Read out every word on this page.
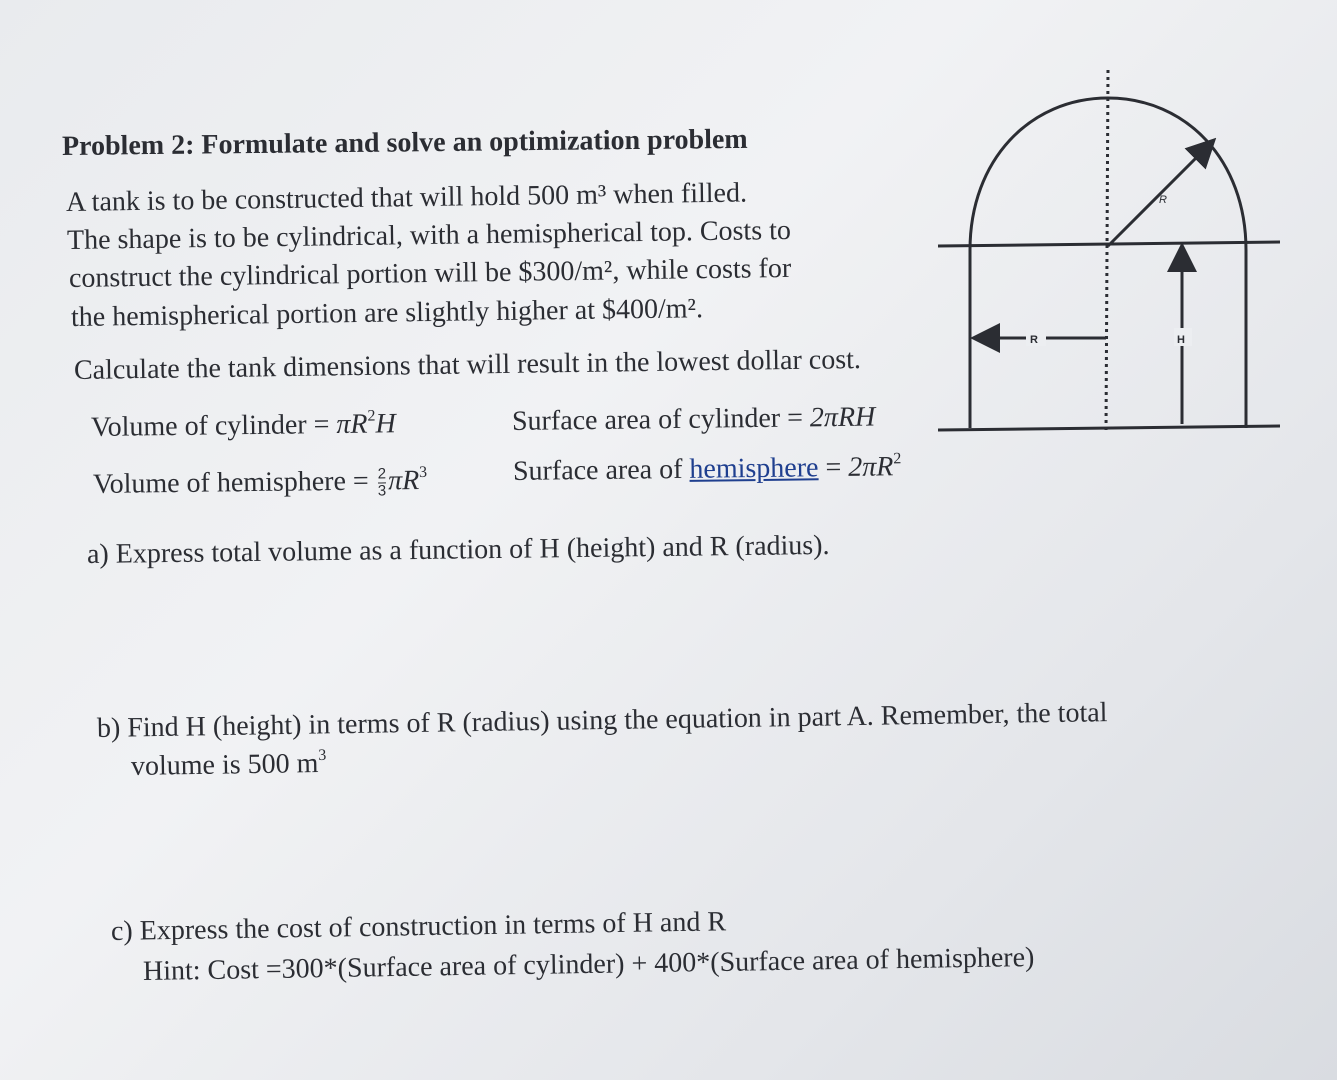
Problem 2: Formulate and solve an optimization problem
A tank is to be constructed that will hold 500 m³ when filled.
The shape is to be cylindrical, with a hemispherical top. Costs to
construct the cylindrical portion will be $300/m², while costs for
the hemispherical portion are slightly higher at $400/m².
Calculate the tank dimensions that will result in the lowest dollar cost.
Volume of cylinder = $\pi R^2H$	Surface area of cylinder = 2πRH
Volume of hemisphere = $\frac{2}{3}\pi R^3$	Surface area of hemisphere = $2\pi R^2$
a) Express total volume as a function of H (height) and R (radius).
b) Find H (height) in terms of R (radius) using the equation in part A. Remember, the total
volume is 500 $m^3$
c) Express the cost of construction in terms of H and R
Hint: Cost =300*(Surface area of cylinder) + 400*(Surface area of hemisphere)
R
R	H
